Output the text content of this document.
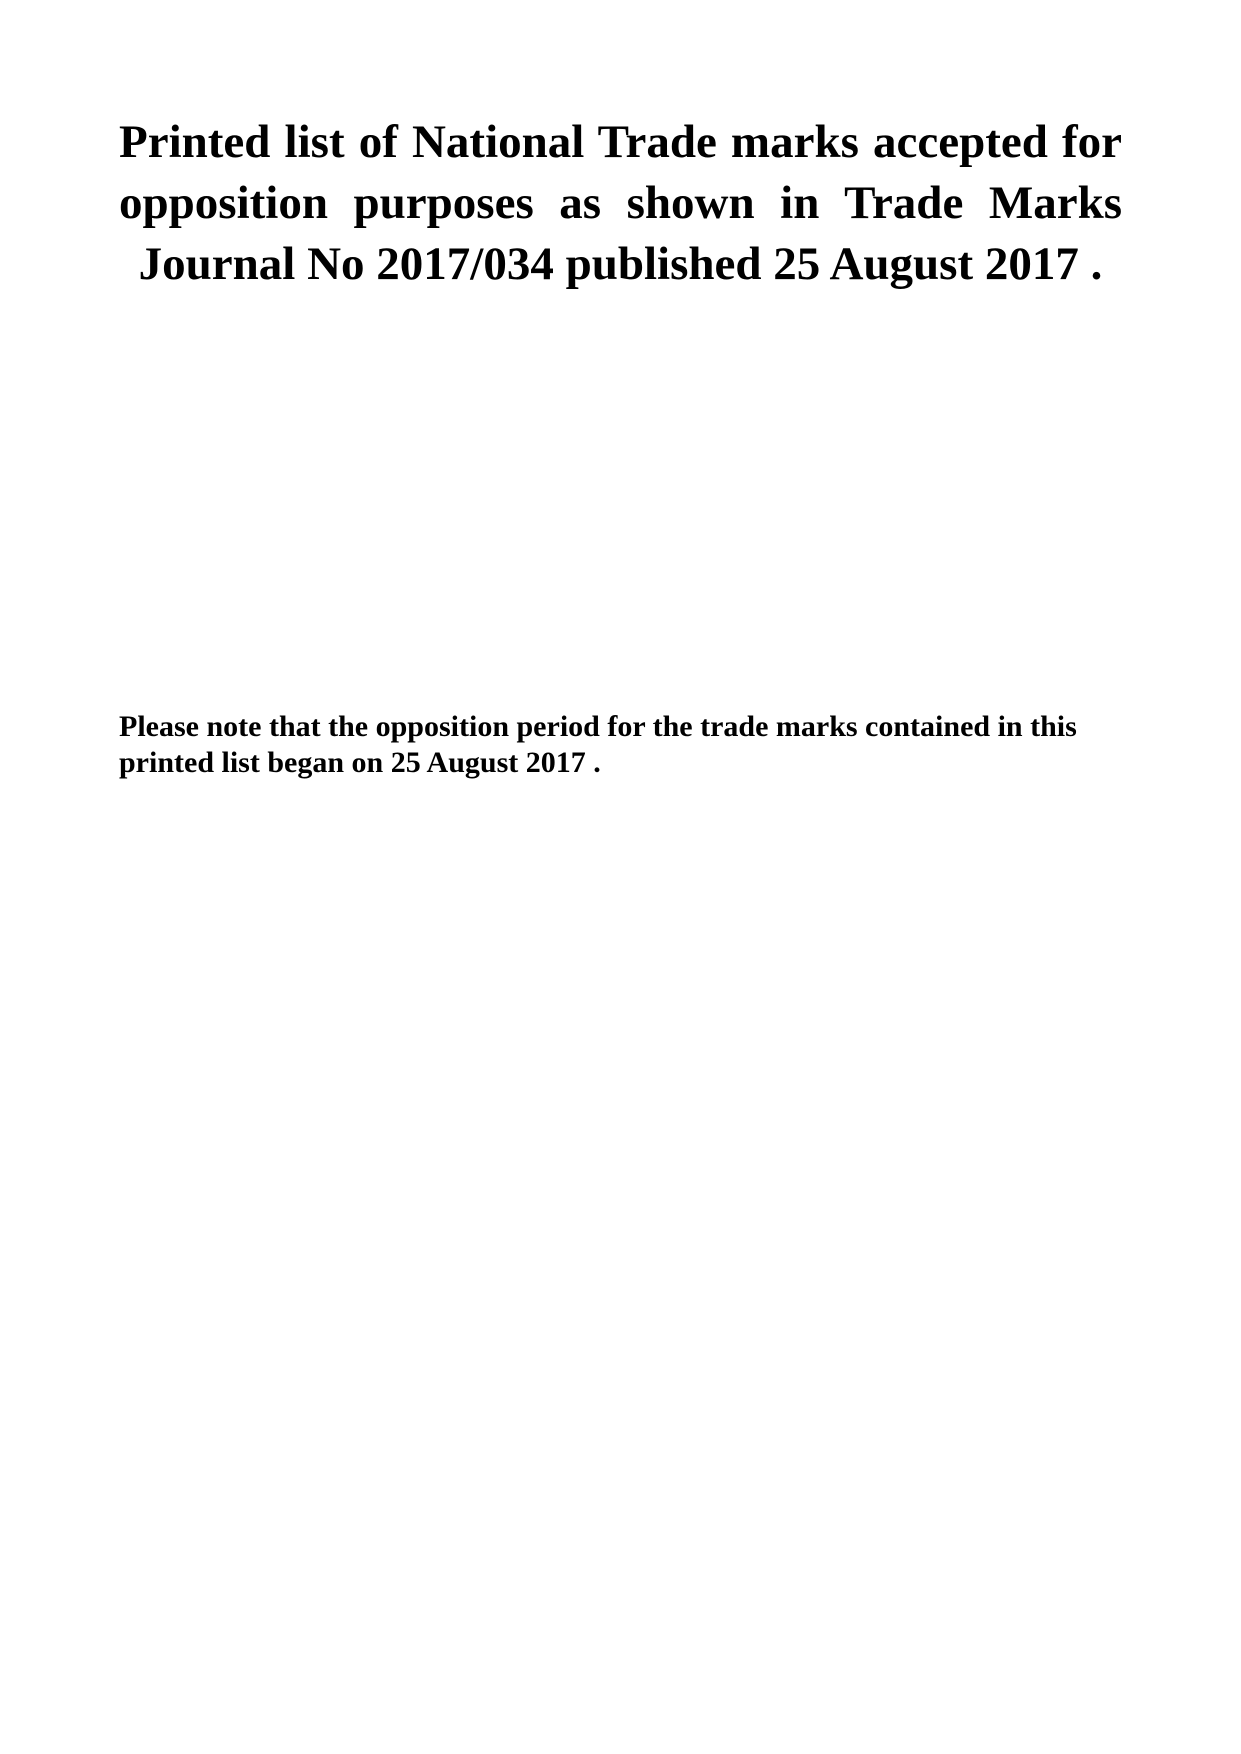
Printed list of National Trade marks accepted for opposition purposes as shown in Trade Marks Journal No 2017/034 published 25 August 2017 .

Please note that the opposition period for the trade marks contained in this printed list began on 25 August 2017 .
